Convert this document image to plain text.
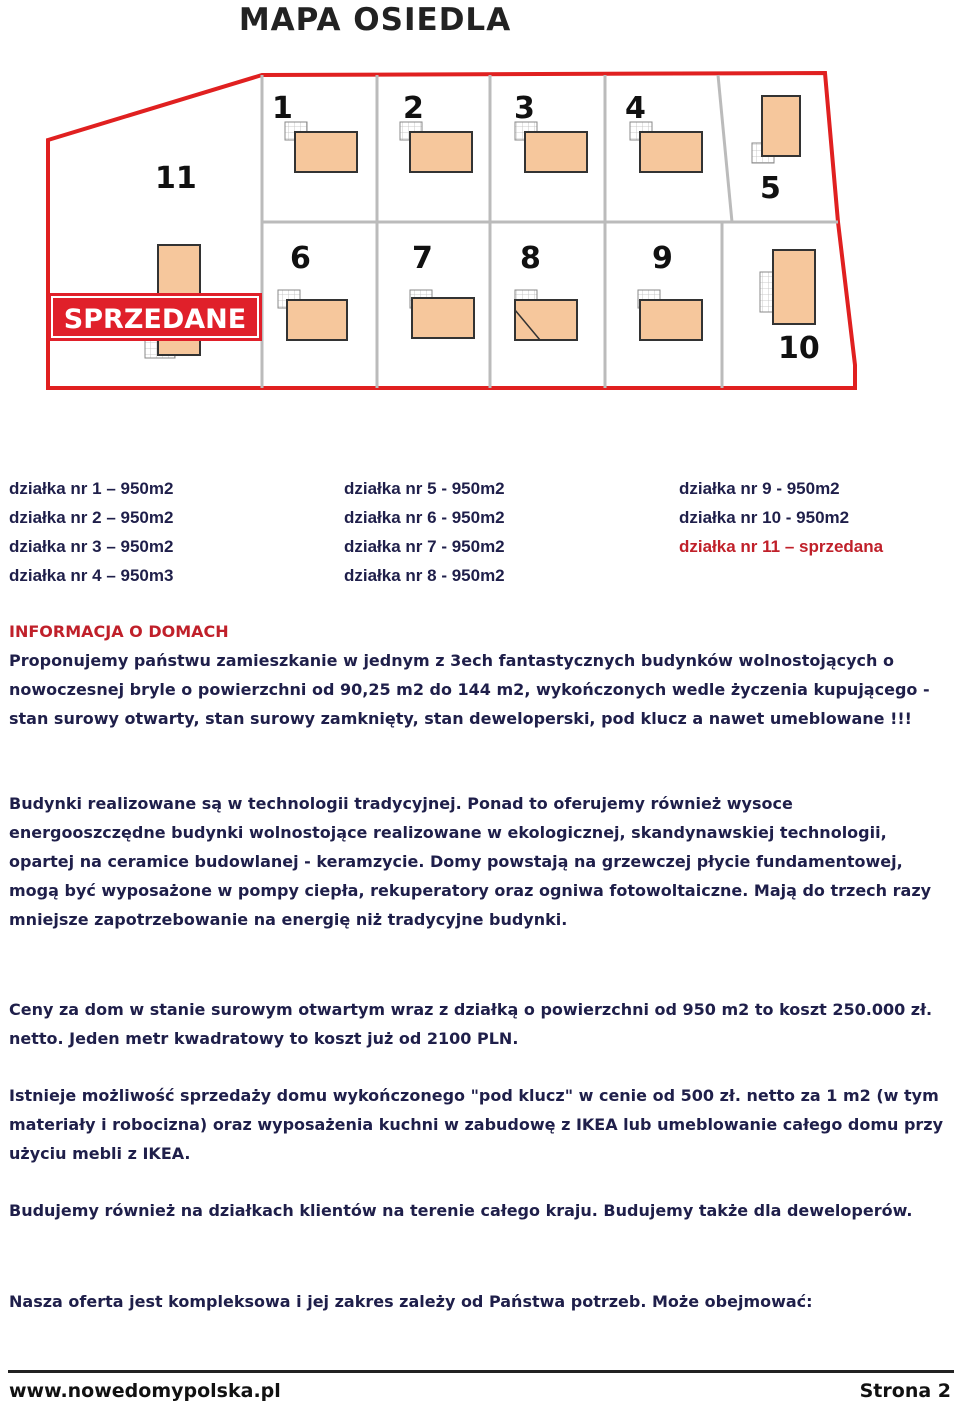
MAPA OSIEDLA
1	2	3	4
5
6	7	8	9
10
11
SPRZEDANE
działka nr 1 – 950m2
działka nr 2 – 950m2
działka nr 3 – 950m2
działka nr 4 – 950m3
działka nr 5 - 950m2
działka nr 6 - 950m2
działka nr 7 - 950m2
działka nr 8 - 950m2
działka nr 9 - 950m2
działka nr 10 - 950m2
działka nr 11 – sprzedana
INFORMACJA O DOMACH
Proponujemy państwu zamieszkanie w jednym z 3ech fantastycznych budynków wolnostojących o nowoczesnej bryle o powierzchni od 90,25 m2 do 144 m2, wykończonych wedle życzenia kupującego - stan surowy otwarty, stan surowy zamknięty, stan deweloperski, pod klucz a nawet umeblowane !!!
Budynki realizowane są w technologii tradycyjnej. Ponad to oferujemy również wysoce energooszczędne budynki wolnostojące realizowane w ekologicznej, skandynawskiej technologii, opartej na ceramice budowlanej - keramzycie. Domy powstają na grzewczej płycie fundamentowej, mogą być wyposażone w pompy ciepła, rekuperatory oraz ogniwa fotowoltaiczne. Mają do trzech razy mniejsze zapotrzebowanie na energię niż tradycyjne budynki.
Ceny za dom w stanie surowym otwartym wraz z działką o powierzchni od 950 m2 to koszt 250.000 zł. netto. Jeden metr kwadratowy to koszt już od 2100 PLN.
Istnieje możliwość sprzedaży domu wykończonego "pod klucz" w cenie od 500 zł. netto za 1 m2 (w tym materiały i robocizna) oraz wyposażenia kuchni w zabudowę z IKEA lub umeblowanie całego domu przy użyciu mebli z IKEA.
Budujemy również na działkach klientów na terenie całego kraju. Budujemy także dla deweloperów.
Nasza oferta jest kompleksowa i jej zakres zależy od Państwa potrzeb. Może obejmować:
www.nowedomypolska.pl	Strona 2
